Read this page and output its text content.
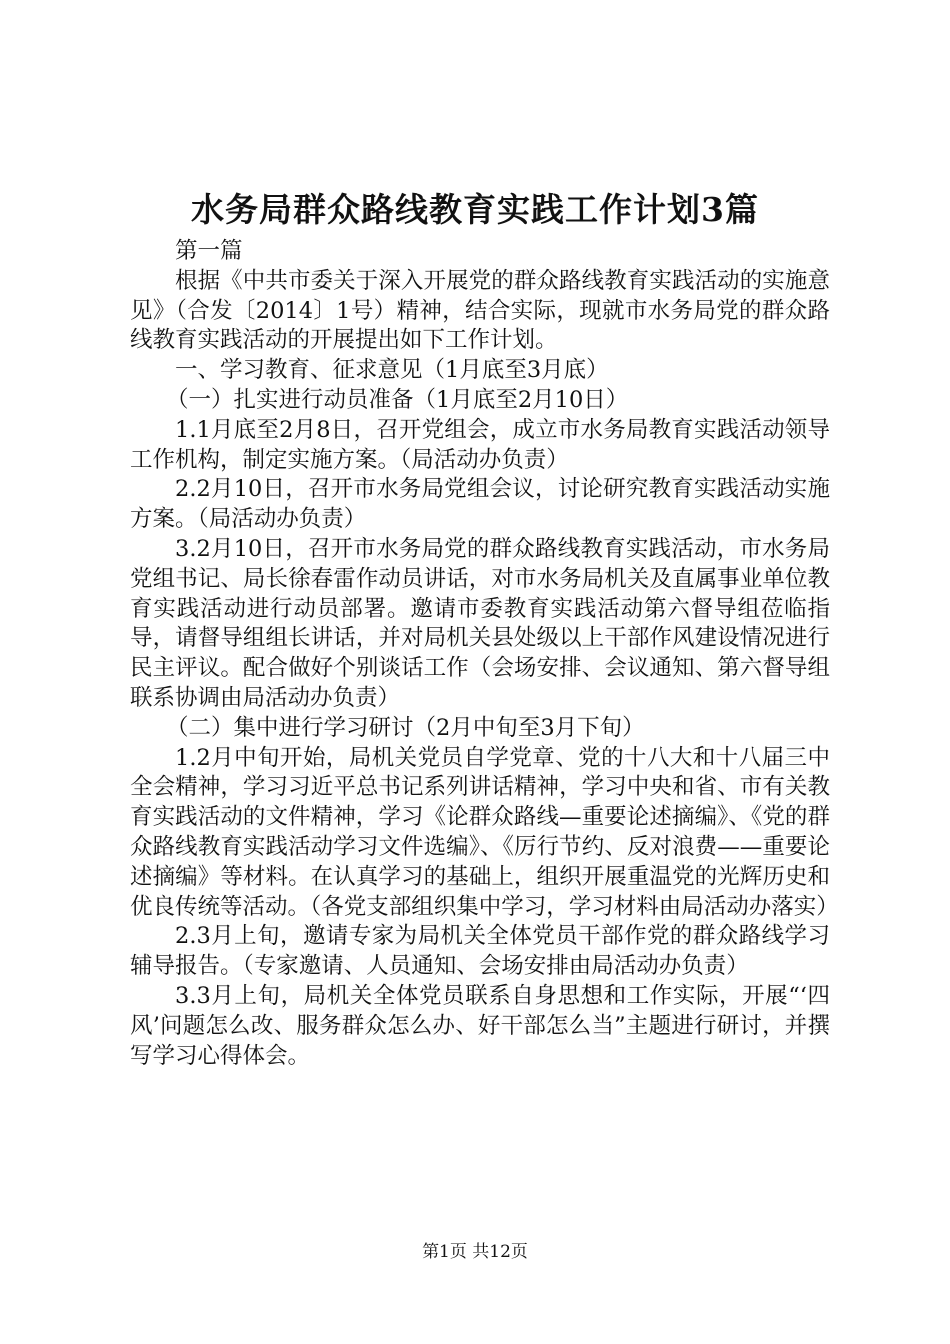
水务局群众路线教育实践工作计划3篇

第一篇

根据《中共市委关于深入开展党的群众路线教育实践活动的实施意见》（合发〔2014〕1号）精神，结合实际，现就市水务局党的群众路线教育实践活动的开展提出如下工作计划。

一、学习教育、征求意见（1月底至3月底）

（一）扎实进行动员准备（1月底至2月10日）

1.1月底至2月8日，召开党组会，成立市水务局教育实践活动领导工作机构，制定实施方案。（局活动办负责）

2.2月10日，召开市水务局党组会议，讨论研究教育实践活动实施方案。（局活动办负责）

3.2月10日，召开市水务局党的群众路线教育实践活动，市水务局党组书记、局长徐春雷作动员讲话，对市水务局机关及直属事业单位教育实践活动进行动员部署。邀请市委教育实践活动第六督导组莅临指导，请督导组组长讲话，并对局机关县处级以上干部作风建设情况进行民主评议。配合做好个别谈话工作（会场安排、会议通知、第六督导组联系协调由局活动办负责）

（二）集中进行学习研讨（2月中旬至3月下旬）

1.2月中旬开始，局机关党员自学党章、党的十八大和十八届三中全会精神，学习习近平总书记系列讲话精神，学习中央和省、市有关教育实践活动的文件精神，学习《论群众路线—重要论述摘编》、《党的群众路线教育实践活动学习文件选编》、《厉行节约、反对浪费——重要论述摘编》等材料。在认真学习的基础上，组织开展重温党的光辉历史和优良传统等活动。（各党支部组织集中学习，学习材料由局活动办落实）

2.3月上旬，邀请专家为局机关全体党员干部作党的群众路线学习辅导报告。（专家邀请、人员通知、会场安排由局活动办负责）

3.3月上旬，局机关全体党员联系自身思想和工作实际，开展“‘四风’问题怎么改、服务群众怎么办、好干部怎么当”主题进行研讨，并撰写学习心得体会。

第1页 共12页
